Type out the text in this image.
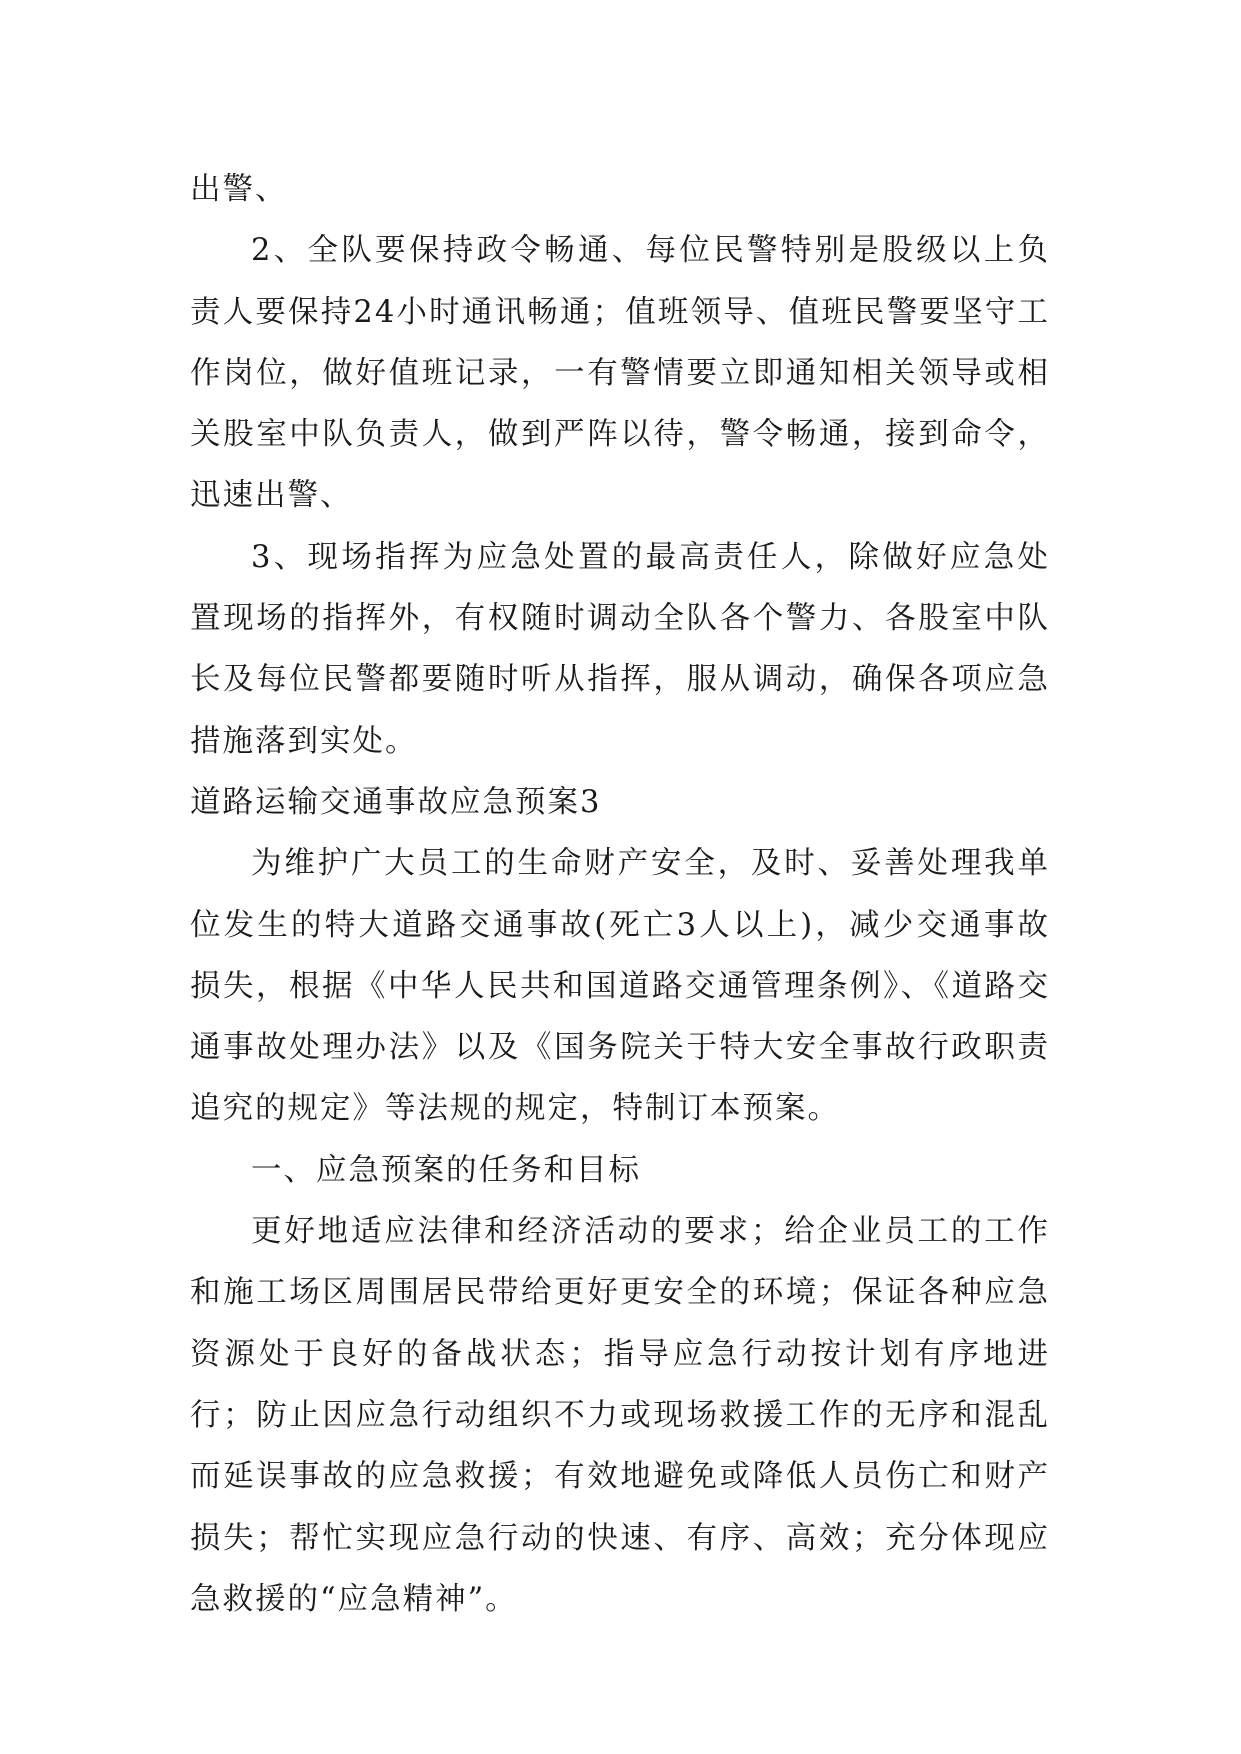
出警、

2、全队要保持政令畅通、每位民警特别是股级以上负责人要保持24小时通讯畅通；值班领导、值班民警要坚守工作岗位，做好值班记录，一有警情要立即通知相关领导或相关股室中队负责人，做到严阵以待，警令畅通，接到命令，迅速出警、

3、现场指挥为应急处置的最高责任人，除做好应急处置现场的指挥外，有权随时调动全队各个警力、各股室中队长及每位民警都要随时听从指挥，服从调动，确保各项应急措施落到实处。

道路运输交通事故应急预案3

为维护广大员工的生命财产安全，及时、妥善处理我单位发生的特大道路交通事故(死亡3人以上)，减少交通事故损失，根据《中华人民共和国道路交通管理条例》、《道路交通事故处理办法》以及《国务院关于特大安全事故行政职责追究的规定》等法规的规定，特制订本预案。

一、应急预案的任务和目标

更好地适应法律和经济活动的要求；给企业员工的工作和施工场区周围居民带给更好更安全的环境；保证各种应急资源处于良好的备战状态；指导应急行动按计划有序地进行；防止因应急行动组织不力或现场救援工作的无序和混乱而延误事故的应急救援；有效地避免或降低人员伤亡和财产损失；帮忙实现应急行动的快速、有序、高效；充分体现应急救援的“应急精神”。
